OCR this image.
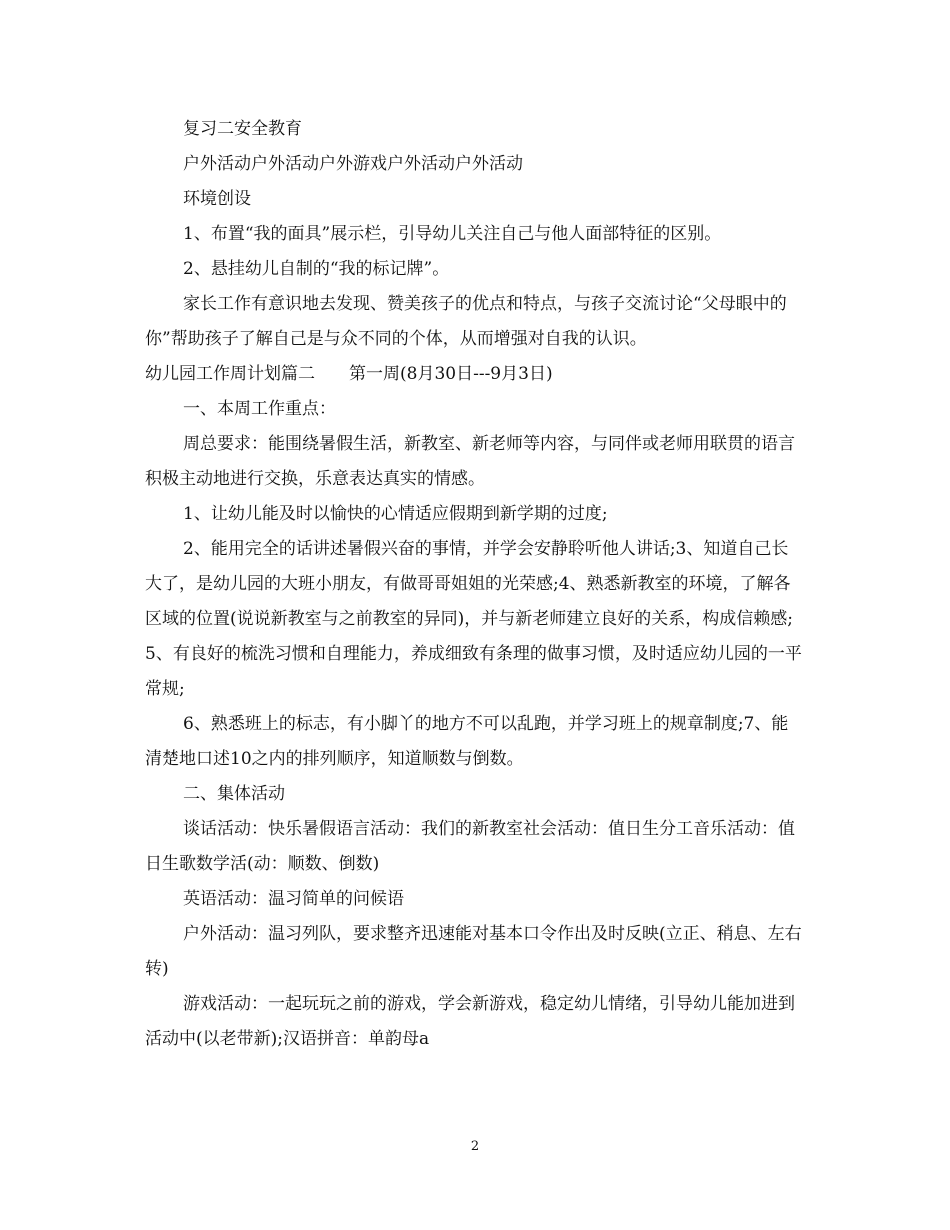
复习二安全教育

户外活动户外活动户外游戏户外活动户外活动

环境创设

1、布置“我的面具”展示栏，引导幼儿关注自己与他人面部特征的区别。

2、悬挂幼儿自制的“我的标记牌”。

家长工作有意识地去发现、赞美孩子的优点和特点，与孩子交流讨论“父母眼中的你”帮助孩子了解自己是与众不同的个体，从而增强对自我的认识。

幼儿园工作周计划篇二　　第一周(8月30日---9月3日)

一、本周工作重点：

周总要求：能围绕暑假生活，新教室、新老师等内容，与同伴或老师用联贯的语言积极主动地进行交换，乐意表达真实的情感。

1、让幼儿能及时以愉快的心情适应假期到新学期的过度;

2、能用完全的话讲述暑假兴奋的事情，并学会安静聆听他人讲话;3、知道自己长大了，是幼儿园的大班小朋友，有做哥哥姐姐的光荣感;4、熟悉新教室的环境，了解各区域的位置(说说新教室与之前教室的异同)，并与新老师建立良好的关系，构成信赖感;5、有良好的梳洗习惯和自理能力，养成细致有条理的做事习惯，及时适应幼儿园的一平常规;

6、熟悉班上的标志，有小脚丫的地方不可以乱跑，并学习班上的规章制度;7、能清楚地口述10之内的排列顺序，知道顺数与倒数。

二、集体活动

谈话活动：快乐暑假语言活动：我们的新教室社会活动：值日生分工音乐活动：值日生歌数学活(动：顺数、倒数)

英语活动：温习简单的问候语

户外活动：温习列队，要求整齐迅速能对基本口令作出及时反映(立正、稍息、左右转)

游戏活动：一起玩玩之前的游戏，学会新游戏，稳定幼儿情绪，引导幼儿能加进到活动中(以老带新);汉语拼音：单韵母a

2
